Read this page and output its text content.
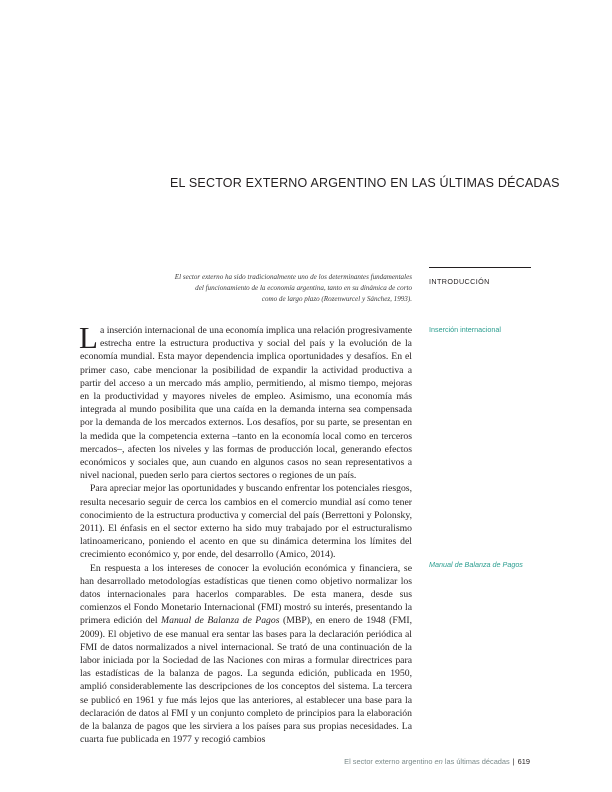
EL SECTOR EXTERNO ARGENTINO EN LAS ÚLTIMAS DÉCADAS
El sector externo ha sido tradicionalmente uno de los determinantes fundamentales
del funcionamiento de la economía argentina, tanto en su dinámica de corto
como de largo plazo (Rozenwurcel y Sánchez, 1993).
INTRODUCCIÓN
Inserción internacional
Manual de Balanza de Pagos

La inserción internacional de una economía implica una relación progresivamente estrecha entre la estructura productiva y social del país y la evolución de la economía mundial. Esta mayor dependencia implica oportunidades y desafíos. En el primer caso, cabe mencionar la posibilidad de expandir la actividad productiva a partir del acceso a un mercado más amplio, permitiendo, al mismo tiempo, mejoras en la productividad y mayores niveles de empleo. Asimismo, una economía más integrada al mundo posibilita que una caída en la demanda interna sea compensada por la demanda de los mercados externos. Los desafíos, por su parte, se presentan en la medida que la competencia externa –tanto en la economía local como en terceros mercados–, afecten los niveles y las formas de producción local, generando efectos económicos y sociales que, aun cuando en algunos casos no sean representativos a nivel nacional, pueden serlo para ciertos sectores o regiones de un país.

Para apreciar mejor las oportunidades y buscando enfrentar los potenciales riesgos, resulta necesario seguir de cerca los cambios en el comercio mundial así como tener conocimiento de la estructura productiva y comercial del país (Berrettoni y Polonsky, 2011). El énfasis en el sector externo ha sido muy trabajado por el estructuralismo latinoamericano, poniendo el acento en que su dinámica determina los límites del crecimiento económico y, por ende, del desarrollo (Amico, 2014).

En respuesta a los intereses de conocer la evolución económica y financiera, se han desarrollado metodologías estadísticas que tienen como objetivo normalizar los datos internacionales para hacerlos comparables. De esta manera, desde sus comienzos el Fondo Monetario Internacional (FMI) mostró su interés, presentando la primera edición del Manual de Balanza de Pagos (MBP), en enero de 1948 (FMI, 2009). El objetivo de ese manual era sentar las bases para la declaración periódica al FMI de datos normalizados a nivel internacional. Se trató de una continuación de la labor iniciada por la Sociedad de las Naciones con miras a formular directrices para las estadísticas de la balanza de pagos. La segunda edición, publicada en 1950, amplió considerablemente las descripciones de los conceptos del sistema. La tercera se publicó en 1961 y fue más lejos que las anteriores, al establecer una base para la declaración de datos al FMI y un conjunto completo de principios para la elaboración de la balanza de pagos que les sirviera a los países para sus propias necesidades. La cuarta fue publicada en 1977 y recogió cambios

El sector externo argentino en las últimas décadas | 619
